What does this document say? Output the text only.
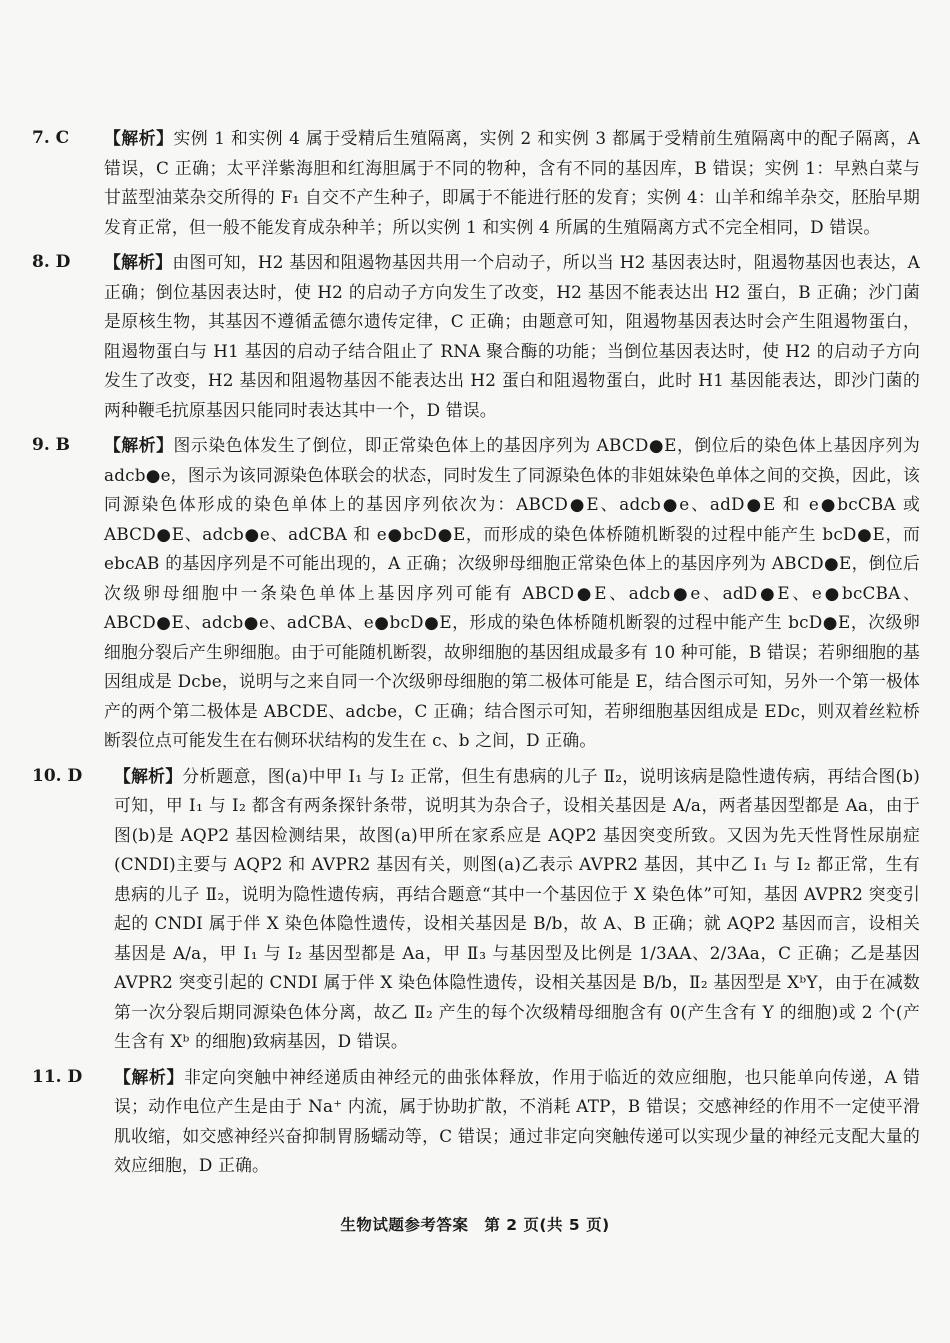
7. C	【解析】实例 1 和实例 4 属于受精后生殖隔离，实例 2 和实例 3 都属于受精前生殖隔离中的配子隔离，A 错误，C 正确；太平洋紫海胆和红海胆属于不同的物种，含有不同的基因库，B 错误；实例 1：早熟白菜与甘蓝型油菜杂交所得的 F₁ 自交不产生种子，即属于不能进行胚的发育；实例 4：山羊和绵羊杂交，胚胎早期发育正常，但一般不能发育成杂种羊；所以实例 1 和实例 4 所属的生殖隔离方式不完全相同，D 错误。
8. D	【解析】由图可知，H2 基因和阻遏物基因共用一个启动子，所以当 H2 基因表达时，阻遏物基因也表达，A 正确；倒位基因表达时，使 H2 的启动子方向发生了改变，H2 基因不能表达出 H2 蛋白，B 正确；沙门菌是原核生物，其基因不遵循孟德尔遗传定律，C 正确；由题意可知，阻遏物基因表达时会产生阻遏物蛋白，阻遏物蛋白与 H1 基因的启动子结合阻止了 RNA 聚合酶的功能；当倒位基因表达时，使 H2 的启动子方向发生了改变，H2 基因和阻遏物基因不能表达出 H2 蛋白和阻遏物蛋白，此时 H1 基因能表达，即沙门菌的两种鞭毛抗原基因只能同时表达其中一个，D 错误。
9. B	【解析】图示染色体发生了倒位，即正常染色体上的基因序列为 ABCD●E，倒位后的染色体上基因序列为 adcb●e，图示为该同源染色体联会的状态，同时发生了同源染色体的非姐妹染色单体之间的交换，因此，该同源染色体形成的染色单体上的基因序列依次为：ABCD●E、adcb●e、adD●E 和 e●bcCBA 或 ABCD●E、adcb●e、adCBA 和 e●bcD●E，而形成的染色体桥随机断裂的过程中能产生 bcD●E，而 ebcAB 的基因序列是不可能出现的，A 正确；次级卵母细胞正常染色体上的基因序列为 ABCD●E，倒位后次级卵母细胞中一条染色单体上基因序列可能有 ABCD●E、adcb●e、adD●E、e●bcCBA、ABCD●E、adcb●e、adCBA、e●bcD●E，形成的染色体桥随机断裂的过程中能产生 bcD●E，次级卵细胞分裂后产生卵细胞。由于可能随机断裂，故卵细胞的基因组成最多有 10 种可能，B 错误；若卵细胞的基因组成是 Dcbe，说明与之来自同一个次级卵母细胞的第二极体可能是 E，结合图示可知，另外一个第一极体产的两个第二极体是 ABCDE、adcbe，C 正确；结合图示可知，若卵细胞基因组成是 EDc，则双着丝粒桥断裂位点可能发生在右侧环状结构的发生在 c、b 之间，D 正确。
10. D	【解析】分析题意，图(a)中甲 Ⅰ₁ 与 Ⅰ₂ 正常，但生有患病的儿子 Ⅱ₂，说明该病是隐性遗传病，再结合图(b)可知，甲 Ⅰ₁ 与 Ⅰ₂ 都含有两条探针条带，说明其为杂合子，设相关基因是 A/a，两者基因型都是 Aa，由于图(b)是 AQP2 基因检测结果，故图(a)甲所在家系应是 AQP2 基因突变所致。又因为先天性肾性尿崩症(CNDI)主要与 AQP2 和 AVPR2 基因有关，则图(a)乙表示 AVPR2 基因，其中乙 Ⅰ₁ 与 Ⅰ₂ 都正常，生有患病的儿子 Ⅱ₂，说明为隐性遗传病，再结合题意“其中一个基因位于 X 染色体”可知，基因 AVPR2 突变引起的 CNDI 属于伴 X 染色体隐性遗传，设相关基因是 B/b，故 A、B 正确；就 AQP2 基因而言，设相关基因是 A/a，甲 Ⅰ₁ 与 Ⅰ₂ 基因型都是 Aa，甲 Ⅱ₃ 与基因型及比例是 1/3AA、2/3Aa，C 正确；乙是基因 AVPR2 突变引起的 CNDI 属于伴 X 染色体隐性遗传，设相关基因是 B/b，Ⅱ₂ 基因型是 XᵇY，由于在减数第一次分裂后期同源染色体分离，故乙 Ⅱ₂ 产生的每个次级精母细胞含有 0(产生含有 Y 的细胞)或 2 个(产生含有 Xᵇ 的细胞)致病基因，D 错误。
11. D	【解析】非定向突触中神经递质由神经元的曲张体释放，作用于临近的效应细胞，也只能单向传递，A 错误；动作电位产生是由于 Na⁺ 内流，属于协助扩散，不消耗 ATP，B 错误；交感神经的作用不一定使平滑肌收缩，如交感神经兴奋抑制胃肠蠕动等，C 错误；通过非定向突触传递可以实现少量的神经元支配大量的效应细胞，D 正确。
生物试题参考答案　第 2 页(共 5 页)
